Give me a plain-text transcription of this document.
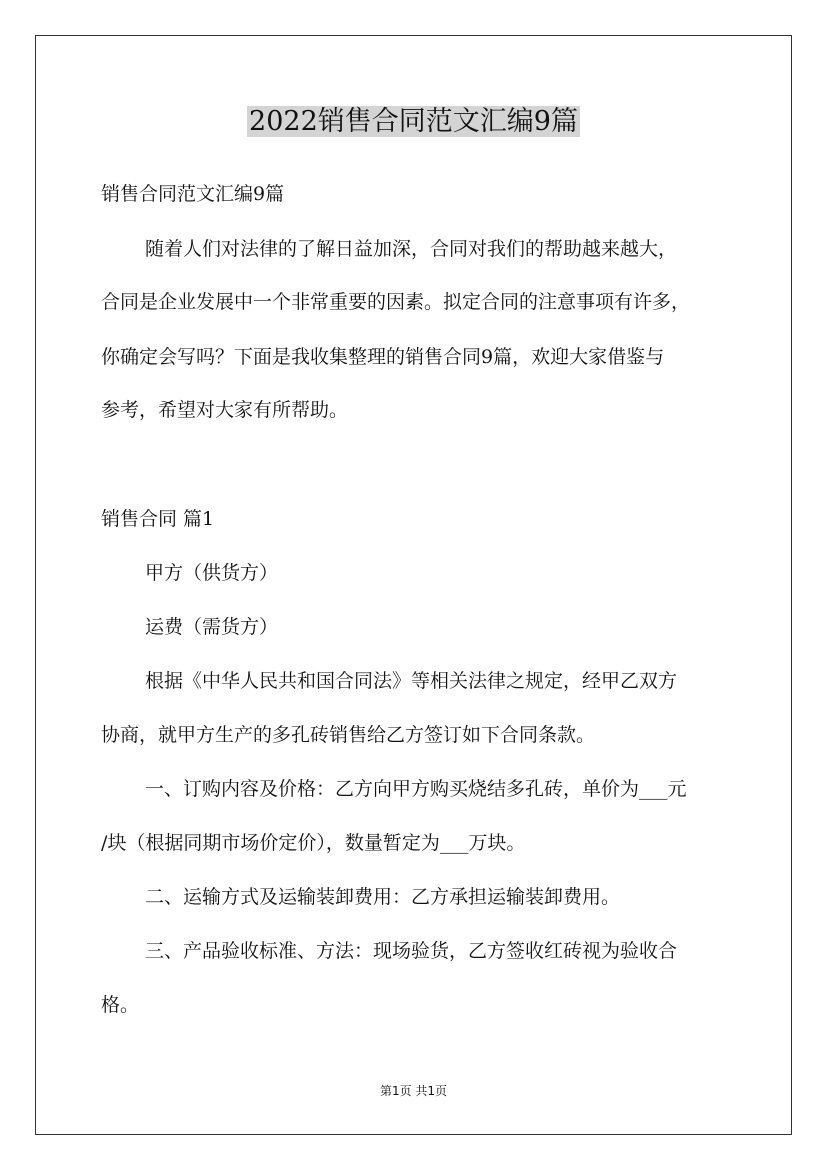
2022销售合同范文汇编9篇

销售合同范文汇编9篇

随着人们对法律的了解日益加深，合同对我们的帮助越来越大，

合同是企业发展中一个非常重要的因素。拟定合同的注意事项有许多，

你确定会写吗？下面是我收集整理的销售合同9篇，欢迎大家借鉴与

参考，希望对大家有所帮助。

销售合同 篇1

甲方（供货方）

运费（需货方）

根据《中华人民共和国合同法》等相关法律之规定，经甲乙双方

协商，就甲方生产的多孔砖销售给乙方签订如下合同条款。

一、订购内容及价格：乙方向甲方购买烧结多孔砖，单价为___元

/块（根据同期市场价定价），数量暂定为___万块。

二、运输方式及运输装卸费用：乙方承担运输装卸费用。

三、产品验收标准、方法：现场验货，乙方签收红砖视为验收合

格。

第1页 共1页
